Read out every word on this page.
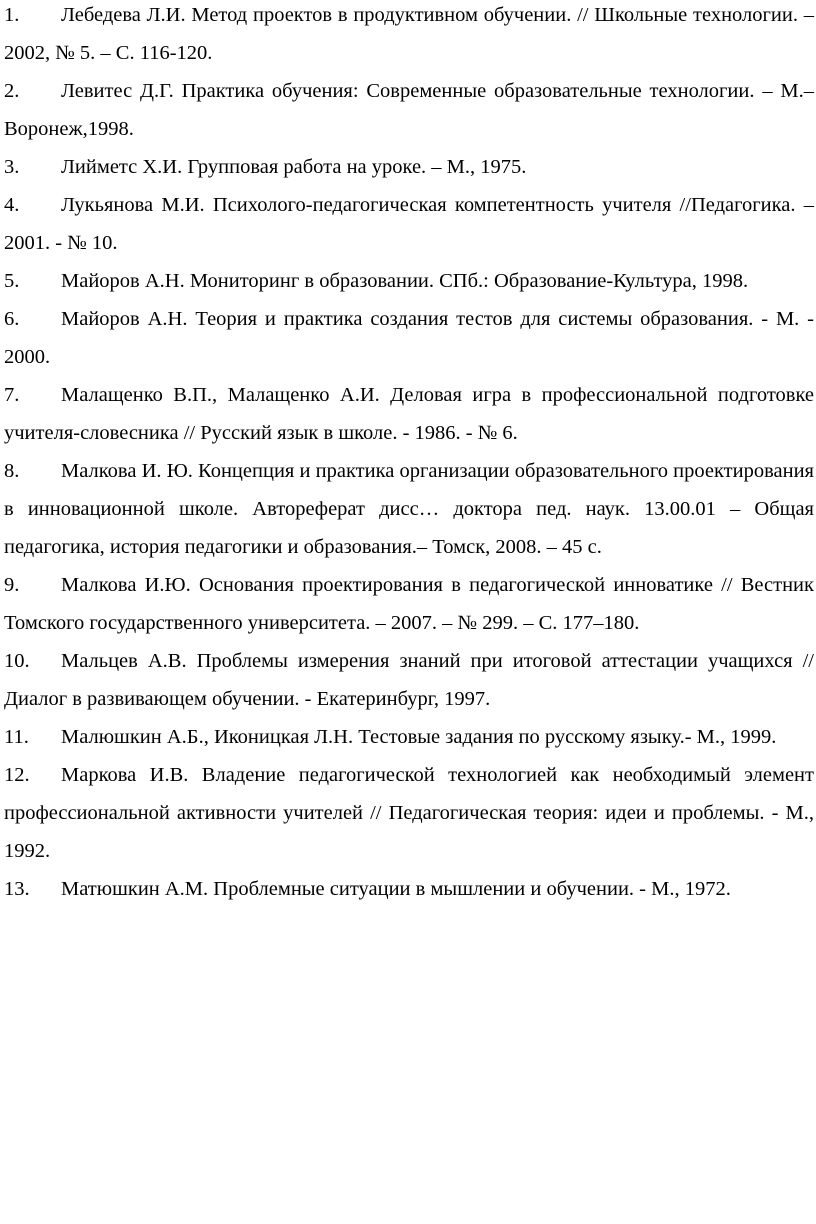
1. Лебедева Л.И. Метод проектов в продуктивном обучении. // Школьные технологии. – 2002, № 5. – С. 116-120.
2. Левитес Д.Г. Практика обучения: Современные образовательные технологии. – М.– Воронеж,1998.
3. Лийметс Х.И. Групповая работа на уроке. – М., 1975.
4. Лукьянова М.И. Психолого-педагогическая компетентность учителя //Педагогика. – 2001. - № 10.
5. Майоров А.Н. Мониторинг в образовании. СПб.: Образование-Культура, 1998.
6. Майоров А.Н. Теория и практика создания тестов для системы образования. - М. - 2000.
7. Малащенко В.П., Малащенко А.И. Деловая игра в профессиональной подготовке учителя-словесника // Русский язык в школе. - 1986. - № 6.
8. Малкова И. Ю. Концепция и практика организации образовательного проектирования в инновационной школе. Автореферат дисс… доктора пед. наук. 13.00.01 – Общая педагогика, история педагогики и образования.– Томск, 2008. – 45 с.
9. Малкова И.Ю. Основания проектирования в педагогической инноватике // Вестник Томского государственного университета. – 2007. – № 299. – С. 177–180.
10. Мальцев А.В. Проблемы измерения знаний при итоговой аттестации учащихся // Диалог в развивающем обучении. - Екатеринбург, 1997.
11. Малюшкин А.Б., Иконицкая Л.Н. Тестовые задания по русскому языку.- М., 1999.
12. Маркова И.В. Владение педагогической технологией как необходимый элемент профессиональной активности учителей // Педагогическая теория: идеи и проблемы. - М., 1992.
13. Матюшкин А.М. Проблемные ситуации в мышлении и обучении. - М., 1972.
